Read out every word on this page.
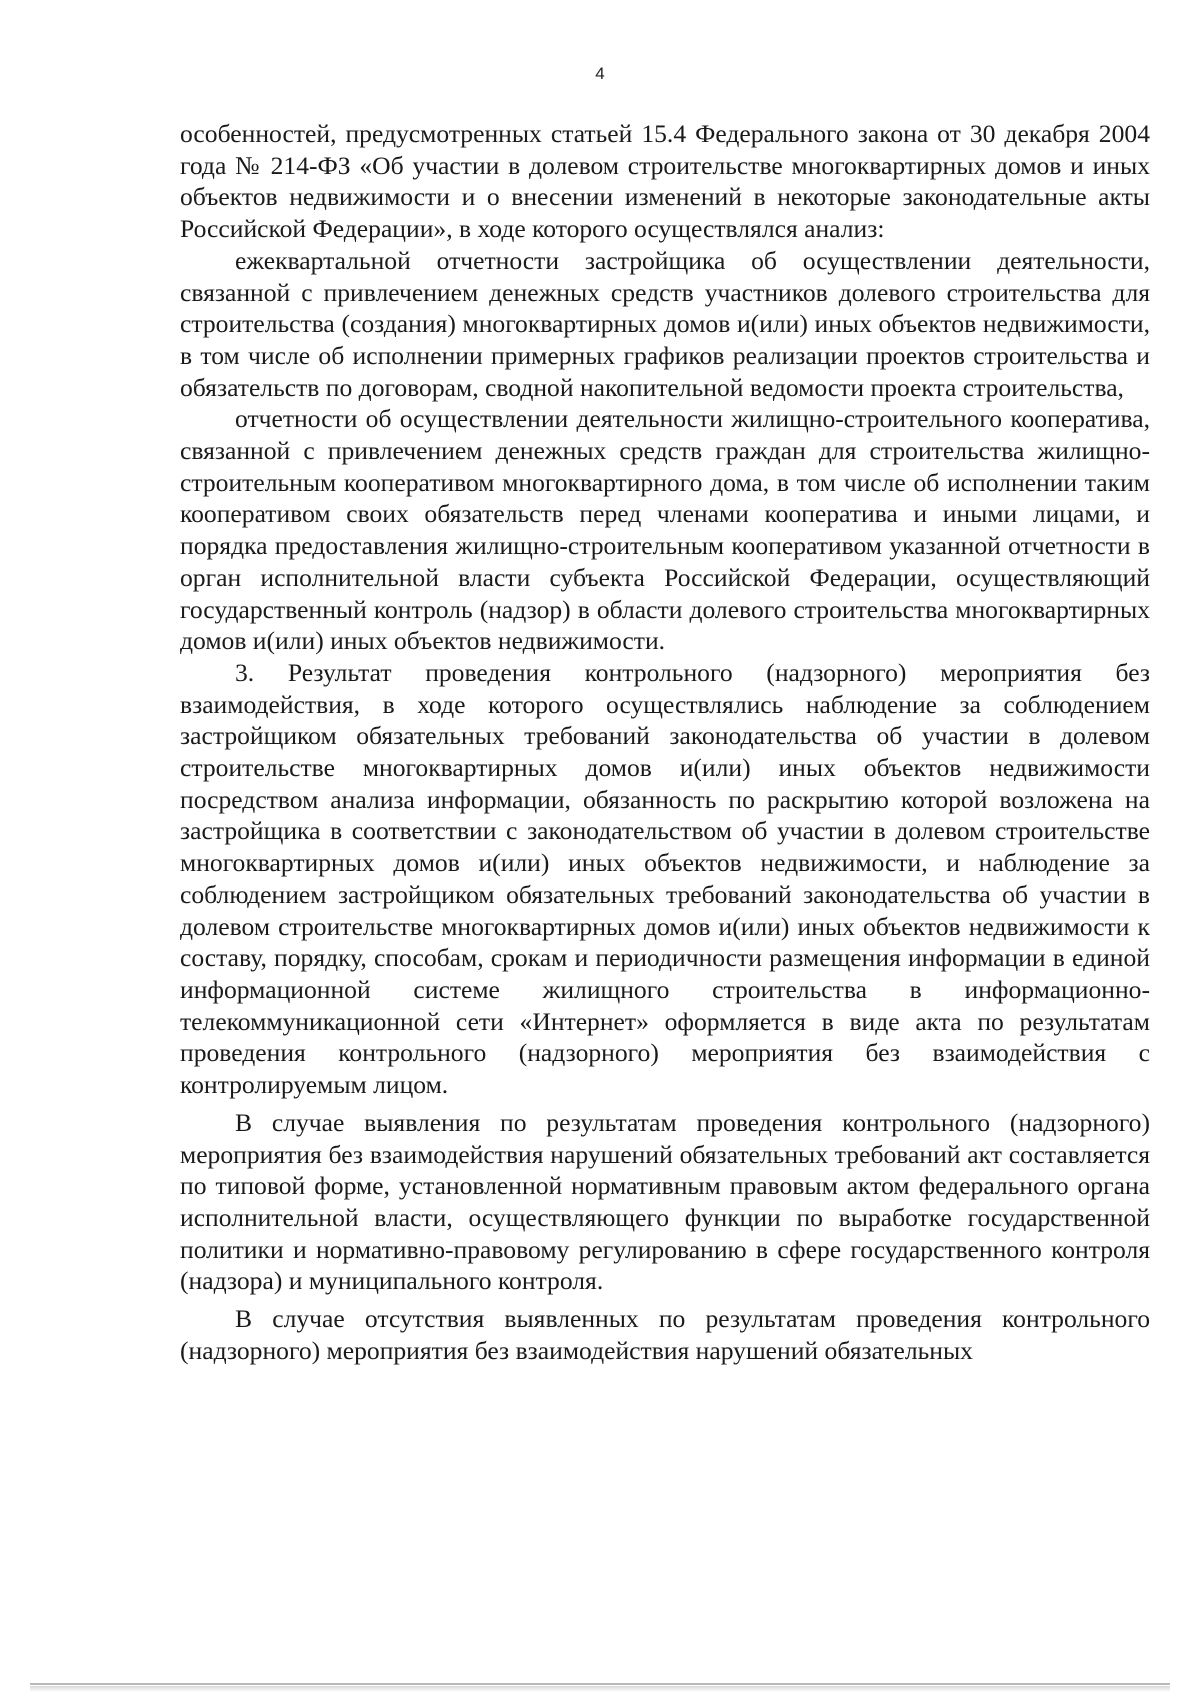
4

особенностей, предусмотренных статьей 15.4 Федерального закона от 30 декабря 2004 года № 214-ФЗ «Об участии в долевом строительстве многоквартирных домов и иных объектов недвижимости и о внесении изменений в некоторые законодательные акты Российской Федерации», в ходе которого осуществлялся анализ:

ежеквартальной отчетности застройщика об осуществлении деятельности, связанной с привлечением денежных средств участников долевого строительства для строительства (создания) многоквартирных домов и(или) иных объектов недвижимости, в том числе об исполнении примерных графиков реализации проектов строительства и обязательств по договорам, сводной накопительной ведомости проекта строительства,

отчетности об осуществлении деятельности жилищно-строительного кооператива, связанной с привлечением денежных средств граждан для строительства жилищно-строительным кооперативом многоквартирного дома, в том числе об исполнении таким кооперативом своих обязательств перед членами кооператива и иными лицами, и порядка предоставления жилищно-строительным кооперативом указанной отчетности в орган исполнительной власти субъекта Российской Федерации, осуществляющий государственный контроль (надзор) в области долевого строительства многоквартирных домов и(или) иных объектов недвижимости.

3. Результат проведения контрольного (надзорного) мероприятия без взаимодействия, в ходе которого осуществлялись наблюдение за соблюдением застройщиком обязательных требований законодательства об участии в долевом строительстве многоквартирных домов и(или) иных объектов недвижимости посредством анализа информации, обязанность по раскрытию которой возложена на застройщика в соответствии с законодательством об участии в долевом строительстве многоквартирных домов и(или) иных объектов недвижимости, и наблюдение за соблюдением застройщиком обязательных требований законодательства об участии в долевом строительстве многоквартирных домов и(или) иных объектов недвижимости к составу, порядку, способам, срокам и периодичности размещения информации в единой информационной системе жилищного строительства в информационно-телекоммуникационной сети «Интернет» оформляется в виде акта по результатам проведения контрольного (надзорного) мероприятия без взаимодействия с контролируемым лицом.

В случае выявления по результатам проведения контрольного (надзорного) мероприятия без взаимодействия нарушений обязательных требований акт составляется по типовой форме, установленной нормативным правовым актом федерального органа исполнительной власти, осуществляющего функции по выработке государственной политики и нормативно-правовому регулированию в сфере государственного контроля (надзора) и муниципального контроля.

В случае отсутствия выявленных по результатам проведения контрольного (надзорного) мероприятия без взаимодействия нарушений обязательных
